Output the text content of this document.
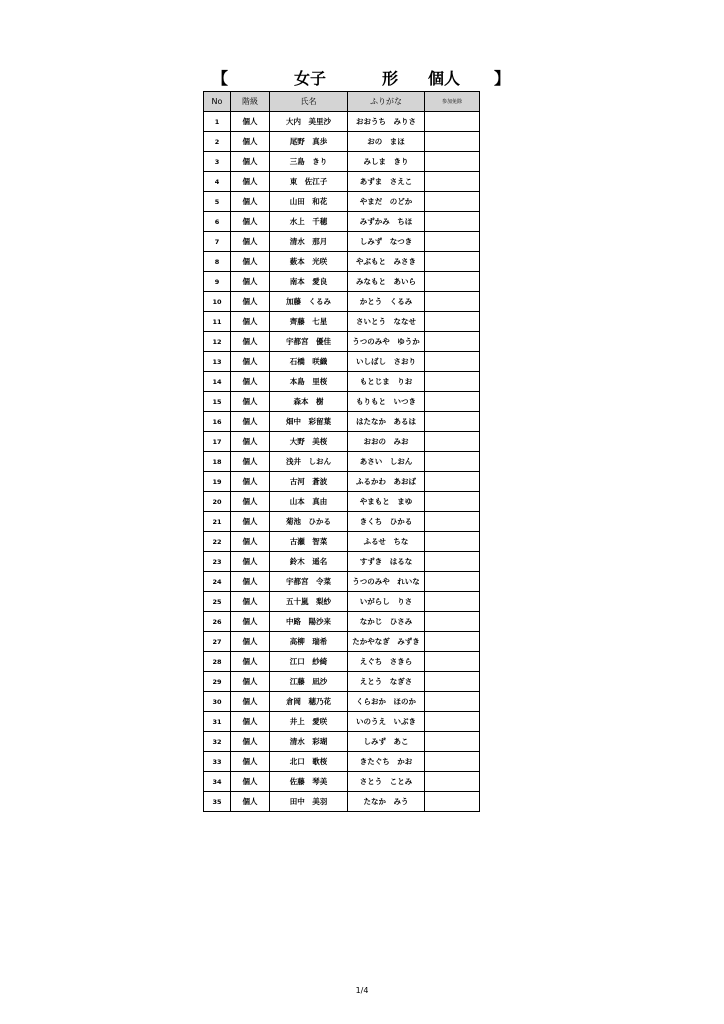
【	女子	形 個人 】
No	階級	氏名	ふりがな	参加免除
1	個人	大内　美里沙	おおうち　みりさ	
2	個人	尾野　真歩	おの　まほ	
3	個人	三島　きり	みしま　きり	
4	個人	東　佐江子	あずま　さえこ	
5	個人	山田　和花	やまだ　のどか	
6	個人	水上　千穂	みずかみ　ちほ	
7	個人	清水　那月	しみず　なつき	
8	個人	薮本　光咲	やぶもと　みさき	
9	個人	南本　愛良	みなもと　あいら	
10	個人	加藤　くるみ	かとう　くるみ	
11	個人	齊藤　七星	さいとう　ななせ	
12	個人	宇都宮　優佳	うつのみや　ゆうか	
13	個人	石橋　咲織	いしばし　さおり	
14	個人	本島　里桜	もとじま　りお	
15	個人	森本　樹	もりもと　いつき	
16	個人	畑中　彩留葉	はたなか　あるは	
17	個人	大野　美桜	おおの　みお	
18	個人	浅井　しおん	あさい　しおん	
19	個人	古河　蒼波	ふるかわ　あおば	
20	個人	山本　真由	やまもと　まゆ	
21	個人	菊池　ひかる	きくち　ひかる	
22	個人	古瀬　智菜	ふるせ　ちな	
23	個人	鈴木　遥名	すずき　はるな	
24	個人	宇都宮　令菜	うつのみや　れいな	
25	個人	五十嵐　梨紗	いがらし　りさ	
26	個人	中路　陽沙来	なかじ　ひさみ	
27	個人	高柳　瑞希	たかやなぎ　みずき	
28	個人	江口　紗綺	えぐち　さきら	
29	個人	江藤　凪沙	えとう　なぎさ	
30	個人	倉岡　穂乃花	くらおか　ほのか	
31	個人	井上　愛咲	いのうえ　いぶき	
32	個人	清水　彩瑚	しみず　あこ	
33	個人	北口　歌桜	きたぐち　かお	
34	個人	佐藤　琴美	さとう　ことみ	
35	個人	田中　美羽	たなか　みう	
1/4
